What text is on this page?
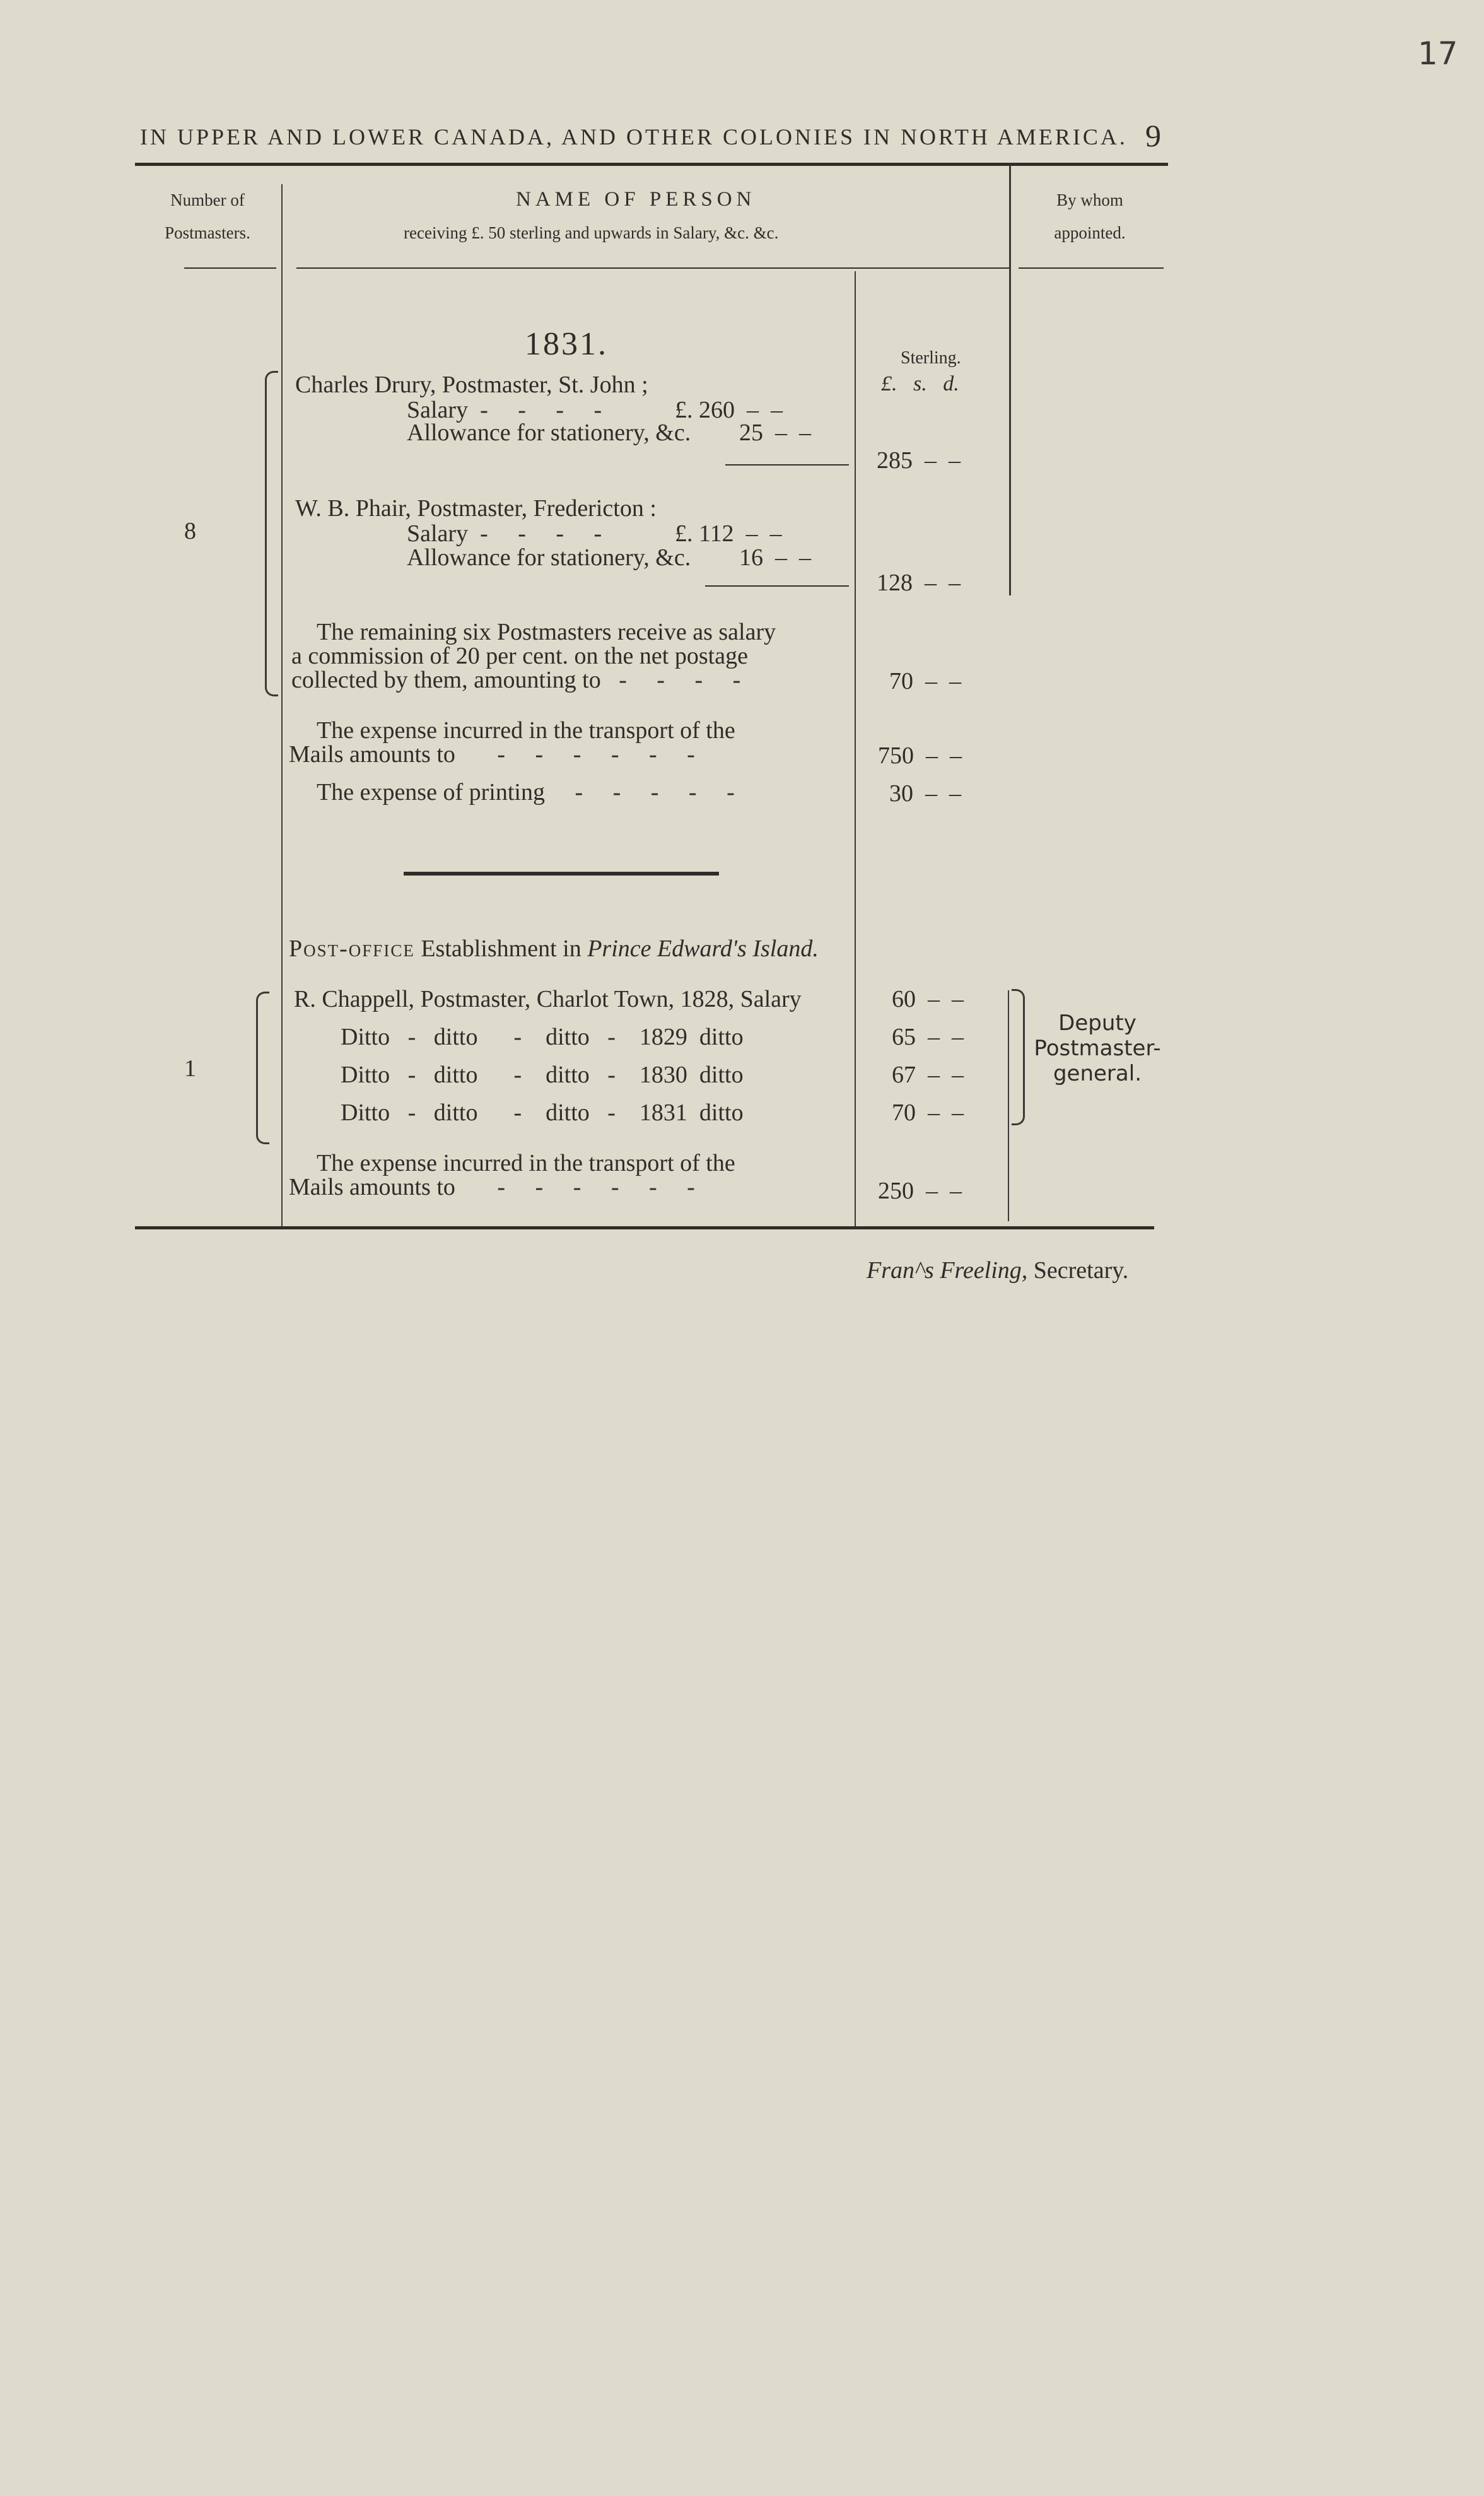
17
IN UPPER AND LOWER CANADA, AND OTHER COLONIES IN NORTH AMERICA. 9
Number of
Postmasters.
NAME OF PERSON
receiving £. 50 sterling and upwards in Salary, &c. &c.
By whom
appointed.
1831.	Sterling.
£.   s.   d.
8
Charles Drury, Postmaster, St. John ;
Salary  -     -     -     -	£. 260  –  –
Allowance for stationery, &c. 25  –  –
285  –  –
W. B. Phair, Postmaster, Fredericton :
Salary  -     -     -     -	£. 112  –  –
Allowance for stationery, &c. 16  –  –
128  –  –
The remaining six Postmasters receive as salary
a commission of 20 per cent. on the net postage
collected by them, amounting to   -     -     -     -	70  –  –
The expense incurred in the transport of the
Mails amounts to       -     -     -     -     -     -	750  –  –
The expense of printing     -     -     -     -     -	30  –  –
Post-office Establishment in Prince Edward's Island.
1
R. Chappell, Postmaster, Charlot Town, 1828, Salary	60  –  –
Ditto   -   ditto      -    ditto   -    1829  ditto	65  –  –
Ditto   -   ditto      -    ditto   -    1830  ditto	67  –  –
Ditto   -   ditto      -    ditto   -    1831  ditto	70  –  –
Deputy
Postmaster-
general.
The expense incurred in the transport of the
Mails amounts to       -     -     -     -     -     -	250  –  –
Fran^s Freeling, Secretary.
